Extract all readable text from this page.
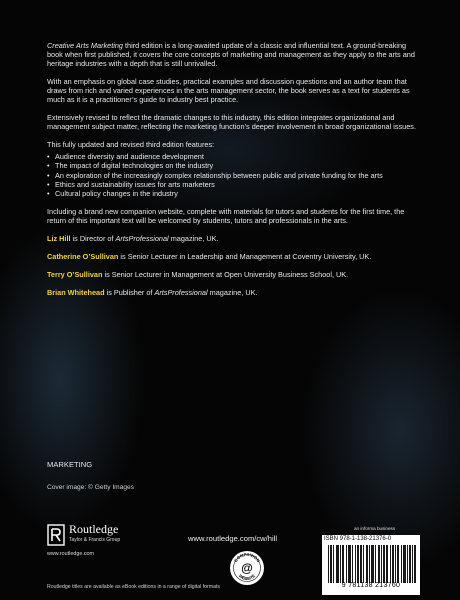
Creative Arts Marketing third edition is a long-awaited update of a classic and influential text. A ground-breaking book when first published, it covers the core concepts of marketing and management as they apply to the arts and heritage industries with a depth that is still unrivalled.

With an emphasis on global case studies, practical examples and discussion questions and an author team that draws from rich and varied experiences in the arts management sector, the book serves as a text for students as much as it is a practitioner’s guide to industry best practice.

Extensively revised to reflect the dramatic changes to this industry, this edition integrates organizational and management subject matter, reflecting the marketing function’s deeper involvement in broad organizational issues.

This fully updated and revised third edition features:

• Audience diversity and audience development
• The impact of digital technologies on the industry
• An exploration of the increasingly complex relationship between public and private funding for the arts
• Ethics and sustainability issues for arts marketers
• Cultural policy changes in the industry

Including a brand new companion website, complete with materials for tutors and students for the first time, the return of this important text will be welcomed by students, tutors and professionals in the arts.

Liz Hill is Director of ArtsProfessional magazine, UK.
Catherine O’Sullivan is Senior Lecturer in Leadership and Management at Coventry University, UK.
Terry O’Sullivan is Senior Lecturer in Management at Open University Business School, UK.
Brian Whitehead is Publisher of ArtsProfessional magazine, UK.
MARKETING
Cover image: © Getty Images
Routledge
Taylor & Francis Group
www.routledge.com
www.routledge.com/cw/hill
COMPANION
WEBSITE
@
Routledge titles are available as eBook editions in a range of digital formats
an informa business
ISBN 978-1-138-21376-0
9 781138 213760
